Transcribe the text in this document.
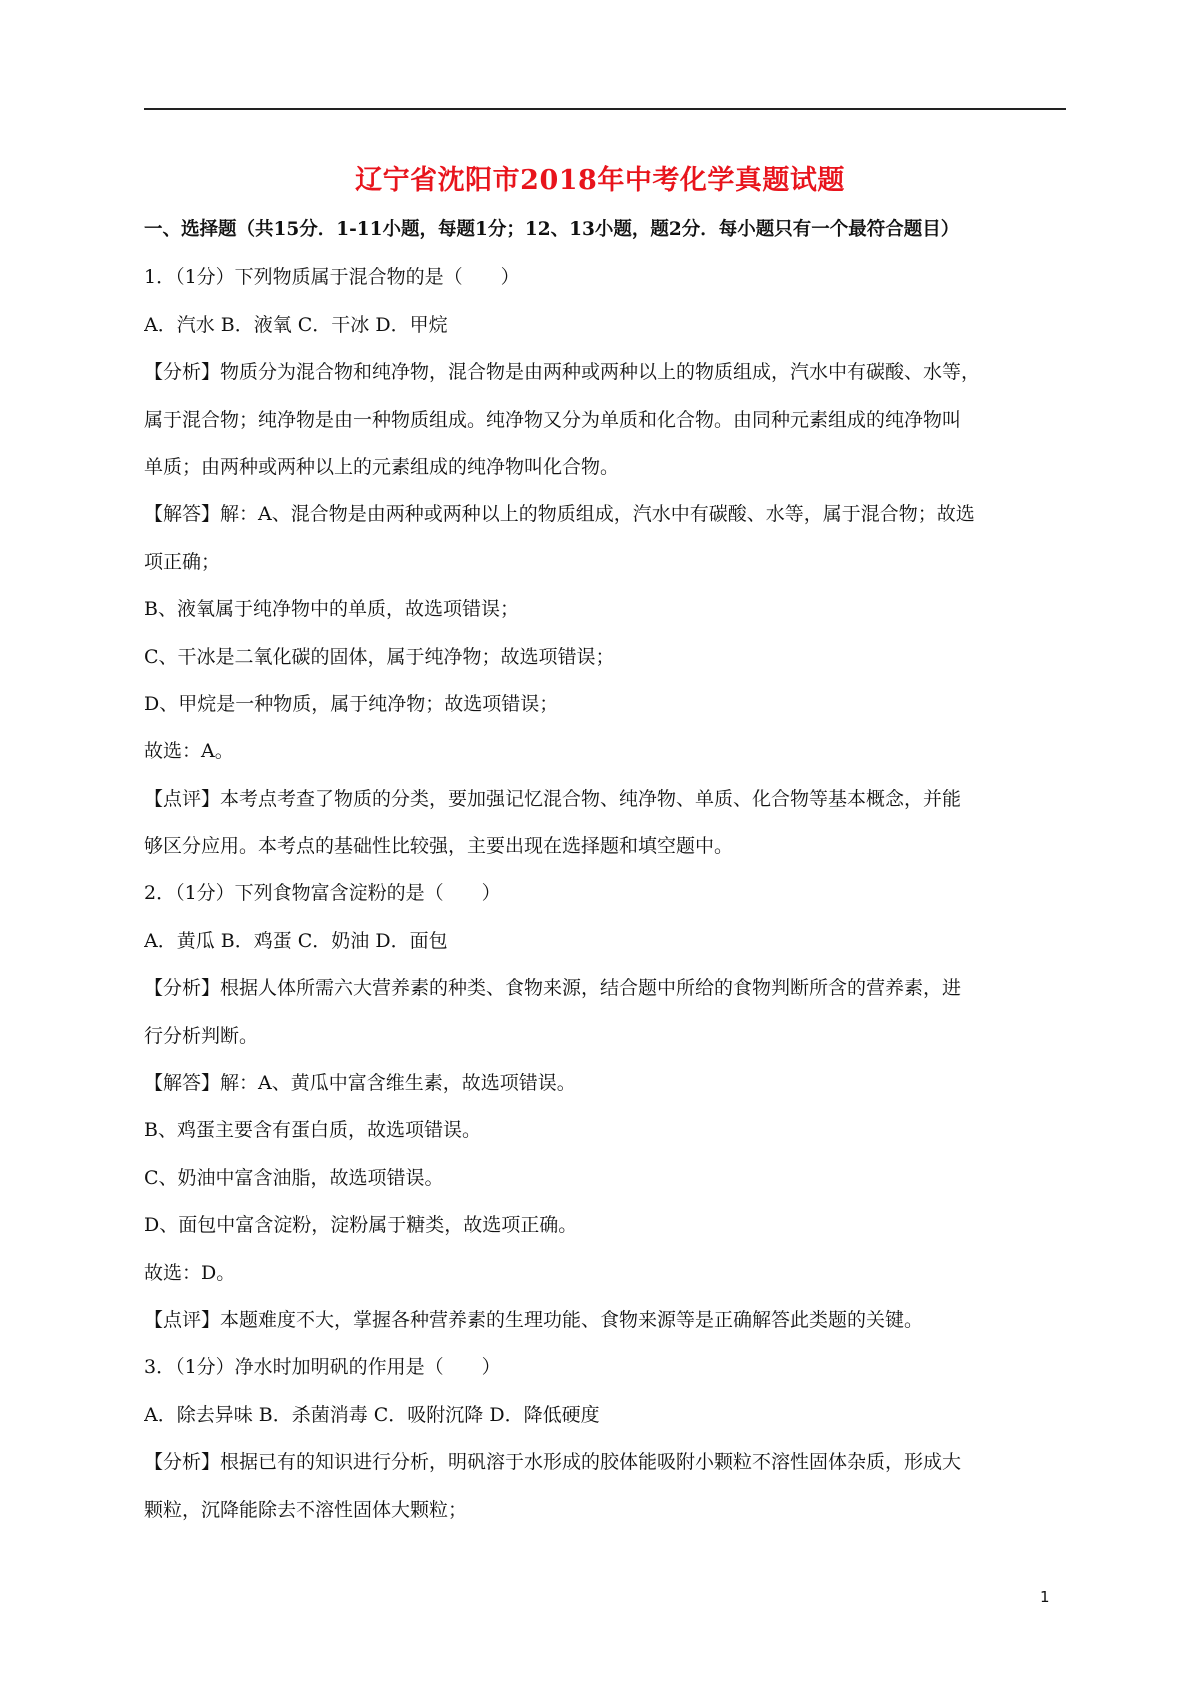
辽宁省沈阳市2018年中考化学真题试题
一、选择题（共15分．1-11小题，每题1分；12、13小题，题2分．每小题只有一个最符合题目）
1．（1分）下列物质属于混合物的是（　　）
A．汽水 B．液氧 C．干冰 D．甲烷
【分析】物质分为混合物和纯净物，混合物是由两种或两种以上的物质组成，汽水中有碳酸、水等，
属于混合物；纯净物是由一种物质组成。纯净物又分为单质和化合物。由同种元素组成的纯净物叫
单质；由两种或两种以上的元素组成的纯净物叫化合物。
【解答】解：A、混合物是由两种或两种以上的物质组成，汽水中有碳酸、水等，属于混合物；故选
项正确；
B、液氧属于纯净物中的单质，故选项错误；
C、干冰是二氧化碳的固体，属于纯净物；故选项错误；
D、甲烷是一种物质，属于纯净物；故选项错误；
故选：A。
【点评】本考点考查了物质的分类，要加强记忆混合物、纯净物、单质、化合物等基本概念，并能
够区分应用。本考点的基础性比较强，主要出现在选择题和填空题中。
2．（1分）下列食物富含淀粉的是（　　）
A．黄瓜 B．鸡蛋 C．奶油 D．面包
【分析】根据人体所需六大营养素的种类、食物来源，结合题中所给的食物判断所含的营养素，进
行分析判断。
【解答】解：A、黄瓜中富含维生素，故选项错误。
B、鸡蛋主要含有蛋白质，故选项错误。
C、奶油中富含油脂，故选项错误。
D、面包中富含淀粉，淀粉属于糖类，故选项正确。
故选：D。
【点评】本题难度不大，掌握各种营养素的生理功能、食物来源等是正确解答此类题的关键。
3．（1分）净水时加明矾的作用是（　　）
A．除去异味 B．杀菌消毒 C．吸附沉降 D．降低硬度
【分析】根据已有的知识进行分析，明矾溶于水形成的胶体能吸附小颗粒不溶性固体杂质，形成大
颗粒，沉降能除去不溶性固体大颗粒；
1
